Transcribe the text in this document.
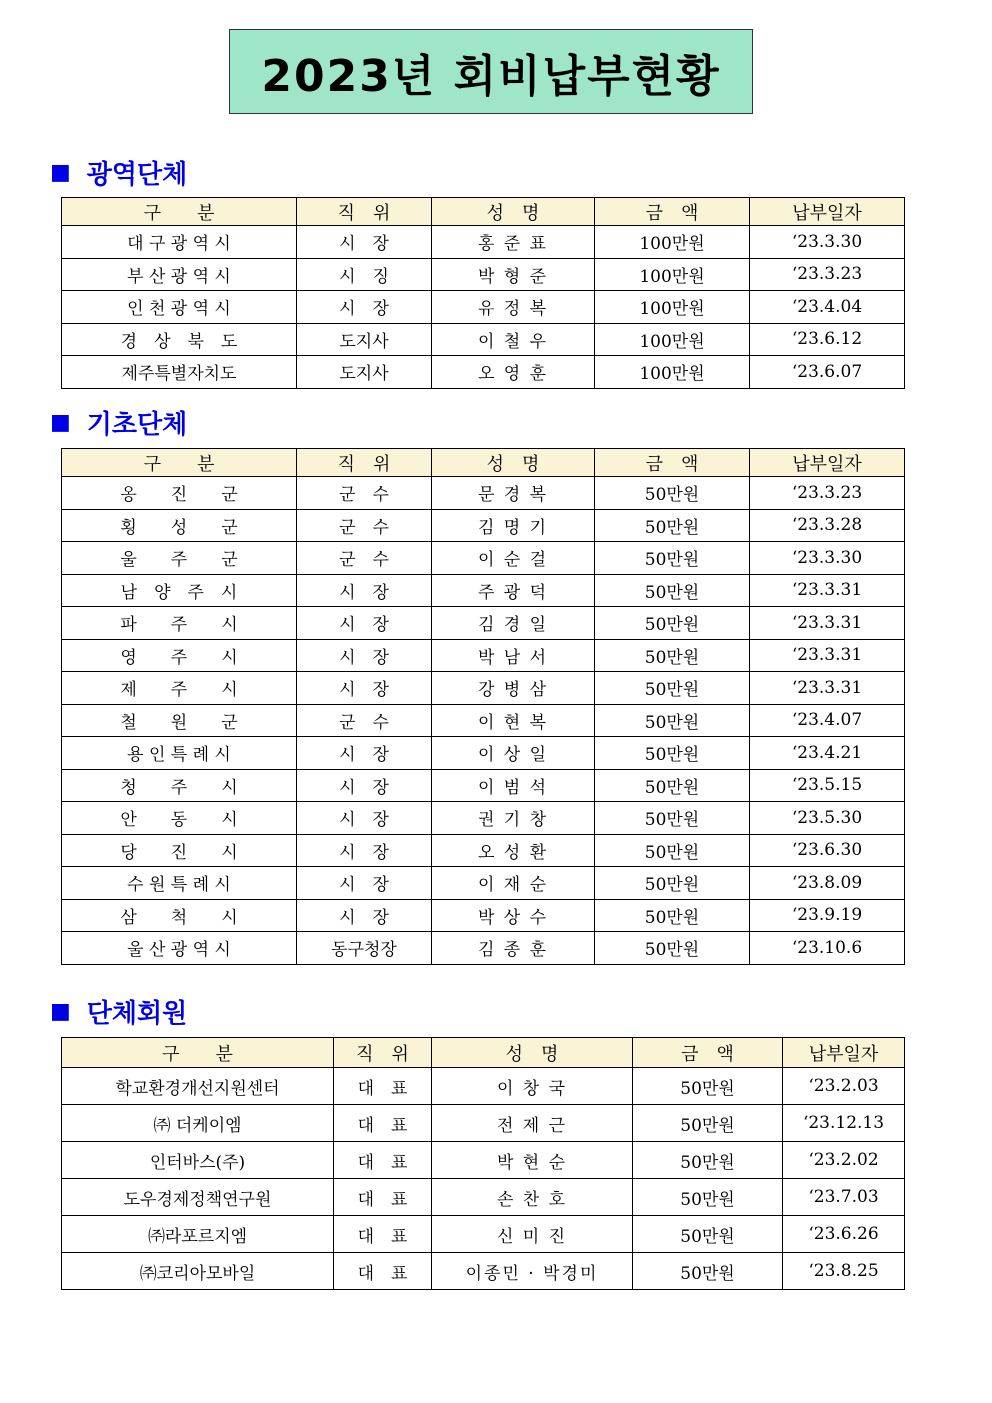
2023년 회비납부현황
■ 광역단체
구　　분	직　위	성　명	금　액	납부일자
대 구 광 역 시	시　장	홍 준 표	100만원	‘23.3.30
부 산 광 역 시	시　징	박 형 준	100만원	‘23.3.23
인 천 광 역 시	시　장	유 정 복	100만원	‘23.4.04
경　상　북　도	도지사	이 철 우	100만원	‘23.6.12
제주특별자치도	도지사	오 영 훈	100만원	‘23.6.07
■ 기초단체
구　　분	직　위	성　명	금　액	납부일자
옹　　진　　군	군　수	문 경 복	50만원	‘23.3.23
횡　　성　　군	군　수	김 명 기	50만원	‘23.3.28
울　　주　　군	군　수	이 순 걸	50만원	‘23.3.30
남　양　주　시	시　장	주 광 덕	50만원	‘23.3.31
파　　주　　시	시　장	김 경 일	50만원	‘23.3.31
영　　주　　시	시　장	박 남 서	50만원	‘23.3.31
제　　주　　시	시　장	강 병 삼	50만원	‘23.3.31
철　　원　　군	군　수	이 현 복	50만원	‘23.4.07
용 인 특 례 시	시　장	이 상 일	50만원	‘23.4.21
청　　주　　시	시　장	이 범 석	50만원	‘23.5.15
안　　동　　시	시　장	권 기 창	50만원	‘23.5.30
당　　진　　시	시　장	오 성 환	50만원	‘23.6.30
수 원 특 례 시	시　장	이 재 순	50만원	‘23.8.09
삼　　척　　시	시　장	박 상 수	50만원	‘23.9.19
울 산 광 역 시	동구청장	김 종 훈	50만원	‘23.10.6
■ 단체회원
구　　분	직　위	성　명	금　액	납부일자
학교환경개선지원센터	대　표	이 창 국	50만원	‘23.2.03
㈜ 더케이엠	대　표	전 제 근	50만원	‘23.12.13
인터바스(주)	대　표	박 현 순	50만원	‘23.2.02
도우경제정책연구원	대　표	손 찬 호	50만원	‘23.7.03
㈜라포르지엠	대　표	신 미 진	50만원	‘23.6.26
㈜코리아모바일	대　표	이종민 · 박경미	50만원	‘23.8.25
